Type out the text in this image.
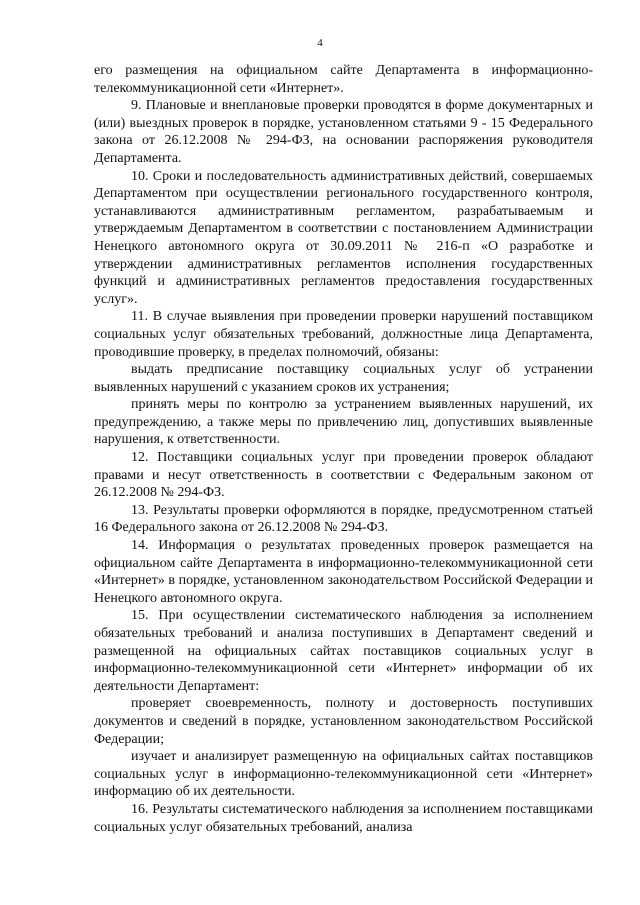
4

его размещения на официальном сайте Департамента в информационно-телекоммуникационной сети «Интернет».

9. Плановые и внеплановые проверки проводятся в форме документарных и (или) выездных проверок в порядке, установленном статьями 9 - 15 Федерального закона от 26.12.2008 № 294-ФЗ, на основании распоряжения руководителя Департамента.

10. Сроки и последовательность административных действий, совершаемых Департаментом при осуществлении регионального государственного контроля, устанавливаются административным регламентом, разрабатываемым и утверждаемым Департаментом в соответствии с постановлением Администрации Ненецкого автономного округа от 30.09.2011 № 216-п «О разработке и утверждении административных регламентов исполнения государственных функций и административных регламентов предоставления государственных услуг».

11. В случае выявления при проведении проверки нарушений поставщиком социальных услуг обязательных требований, должностные лица Департамента, проводившие проверку, в пределах полномочий, обязаны:

выдать предписание поставщику социальных услуг об устранении выявленных нарушений с указанием сроков их устранения;

принять меры по контролю за устранением выявленных нарушений, их предупреждению, а также меры по привлечению лиц, допустивших выявленные нарушения, к ответственности.

12. Поставщики социальных услуг при проведении проверок обладают правами и несут ответственность в соответствии с Федеральным законом от 26.12.2008 № 294-ФЗ.

13. Результаты проверки оформляются в порядке, предусмотренном статьей 16 Федерального закона от 26.12.2008 № 294-ФЗ.

14. Информация о результатах проведенных проверок размещается на официальном сайте Департамента в информационно-телекоммуникационной сети «Интернет» в порядке, установленном законодательством Российской Федерации и Ненецкого автономного округа.

15. При осуществлении систематического наблюдения за исполнением обязательных требований и анализа поступивших в Департамент сведений и размещенной на официальных сайтах поставщиков социальных услуг в информационно-телекоммуникационной сети «Интернет» информации об их деятельности Департамент:

проверяет своевременность, полноту и достоверность поступивших документов и сведений в порядке, установленном законодательством Российской Федерации;

изучает и анализирует размещенную на официальных сайтах поставщиков социальных услуг в информационно-телекоммуникационной сети «Интернет» информацию об их деятельности.

16. Результаты систематического наблюдения за исполнением поставщиками социальных услуг обязательных требований, анализа
